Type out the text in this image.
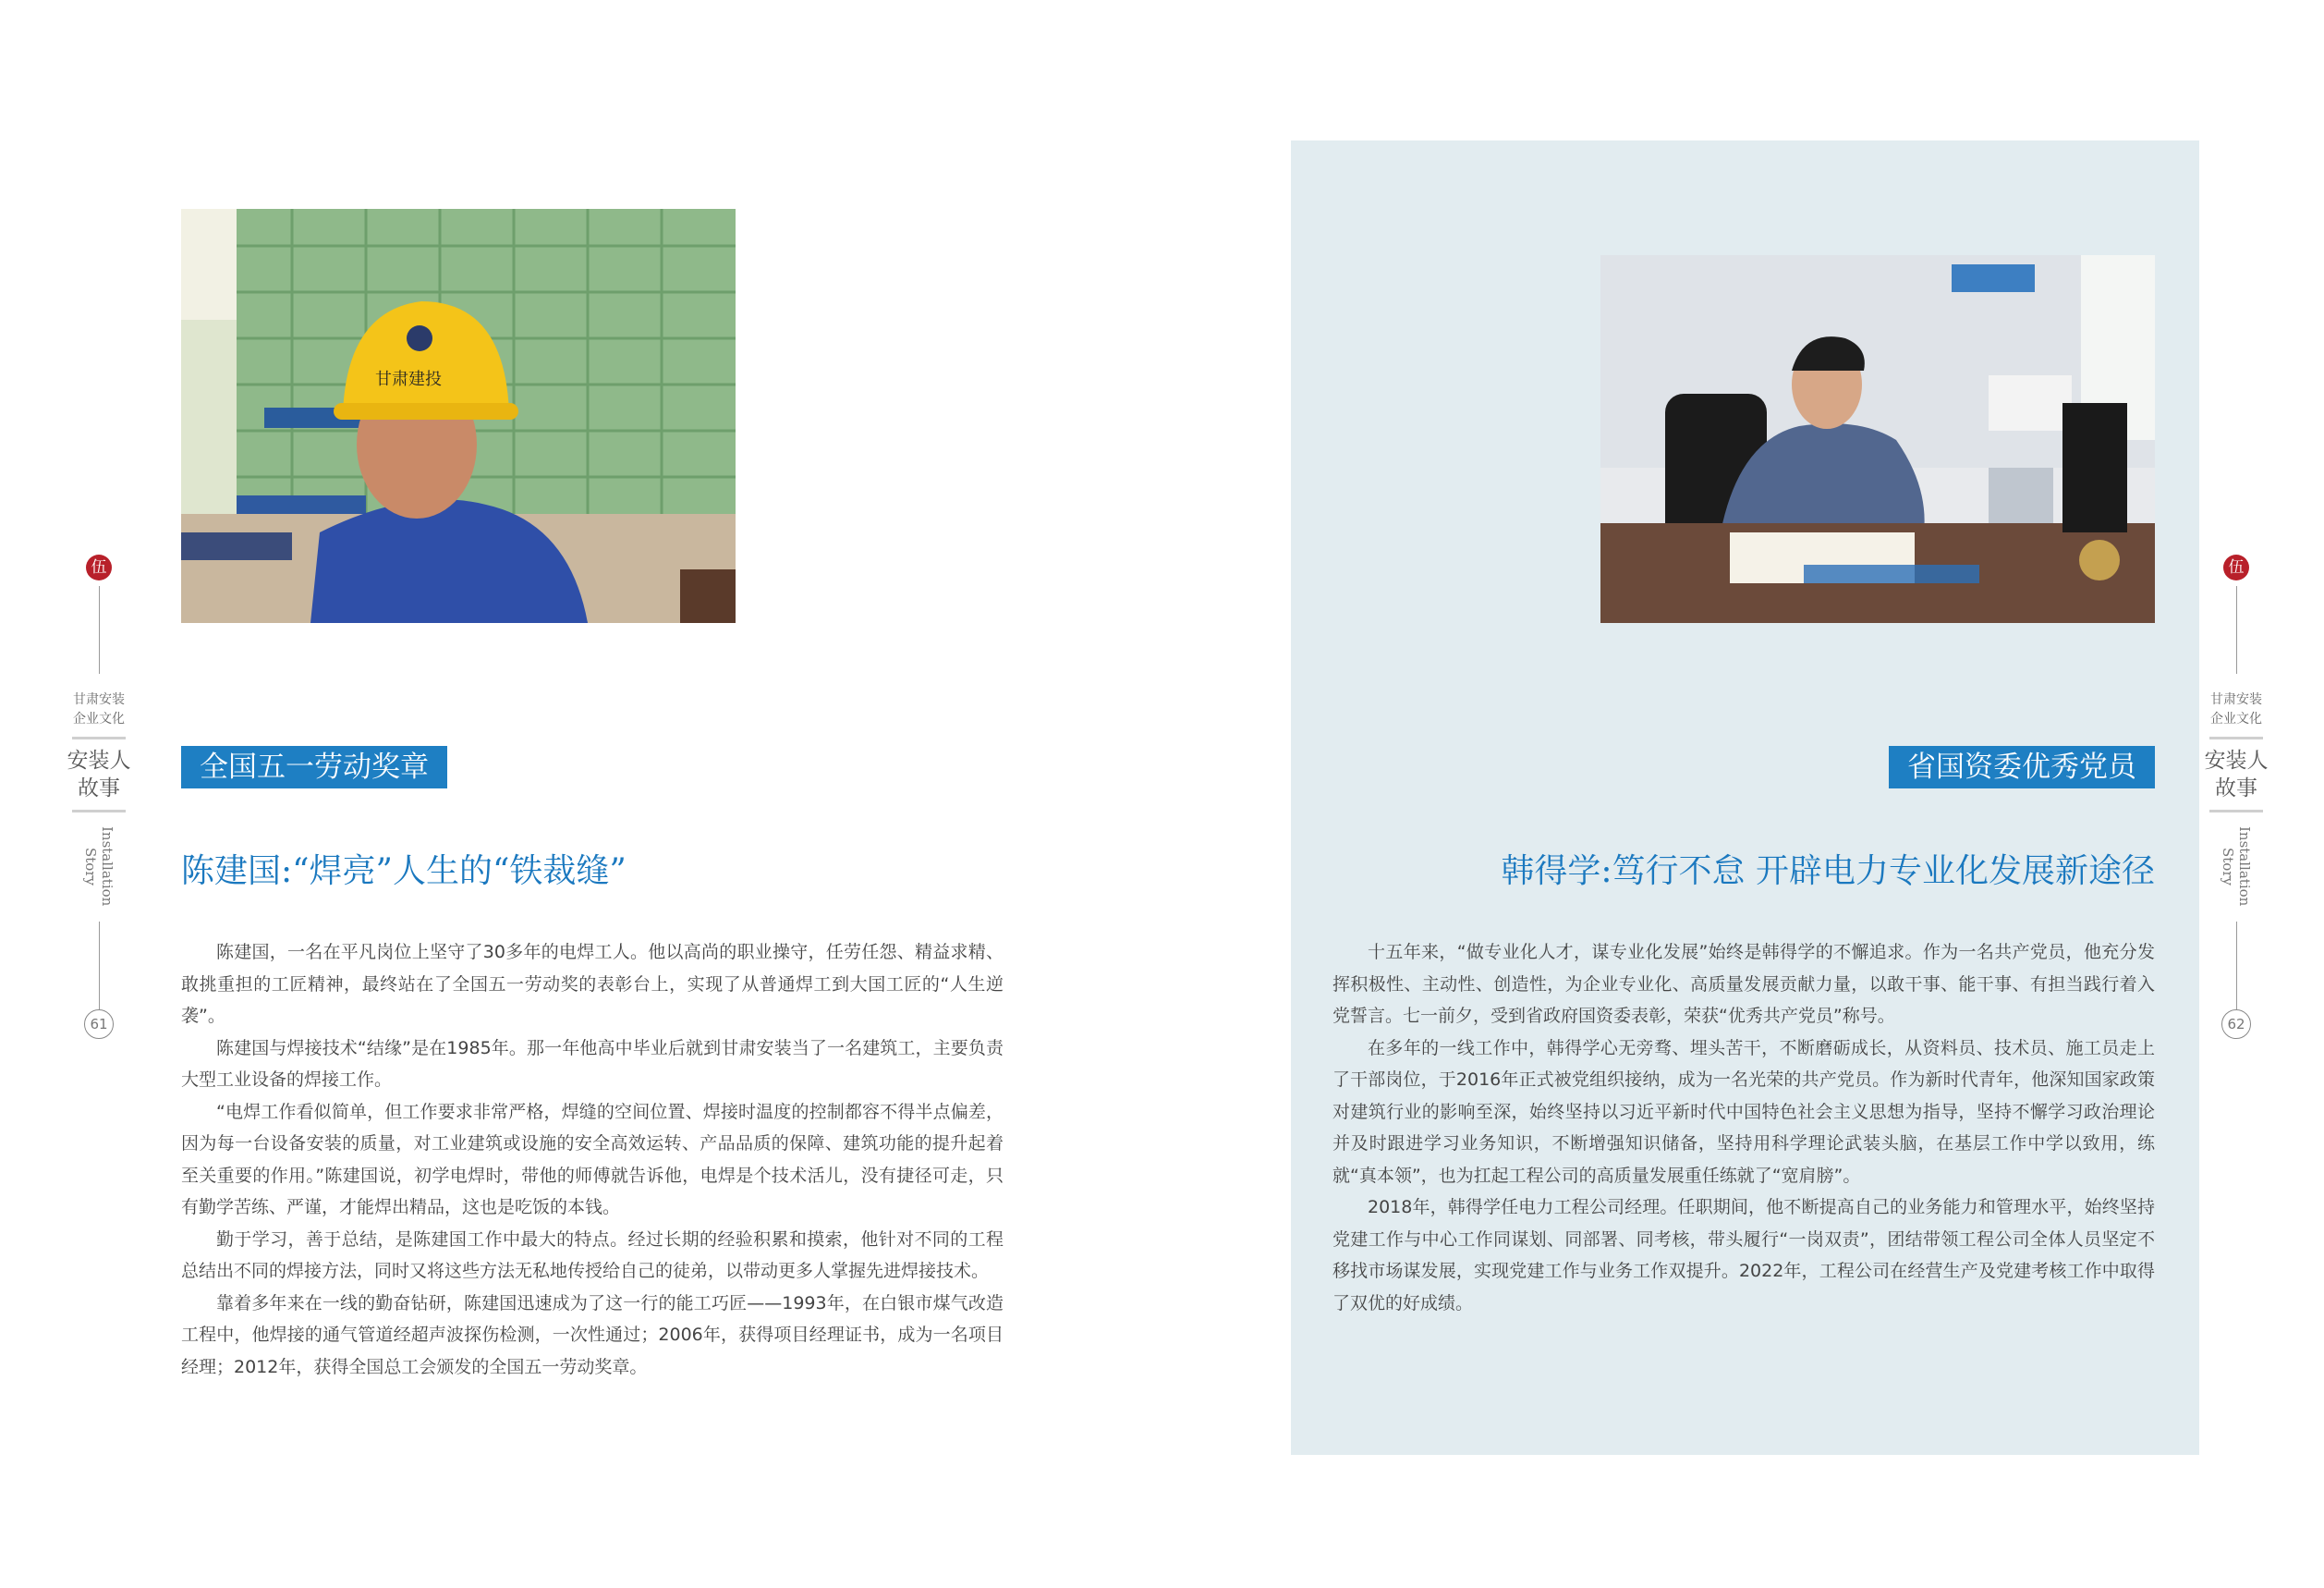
甘肃建投
全国五一劳动奖章
陈建国:“焊亮”人生的“铁裁缝”

陈建国，一名在平凡岗位上坚守了30多年的电焊工人。他以高尚的职业操守，任劳任怨、精益求精、敢挑重担的工匠精神，最终站在了全国五一劳动奖的表彰台上，实现了从普通焊工到大国工匠的“人生逆袭”。

陈建国与焊接技术“结缘”是在1985年。那一年他高中毕业后就到甘肃安装当了一名建筑工，主要负责大型工业设备的焊接工作。

“电焊工作看似简单，但工作要求非常严格，焊缝的空间位置、焊接时温度的控制都容不得半点偏差，因为每一台设备安装的质量，对工业建筑或设施的安全高效运转、产品品质的保障、建筑功能的提升起着至关重要的作用。”陈建国说，初学电焊时，带他的师傅就告诉他，电焊是个技术活儿，没有捷径可走，只有勤学苦练、严谨，才能焊出精品，这也是吃饭的本钱。

勤于学习，善于总结，是陈建国工作中最大的特点。经过长期的经验积累和摸索，他针对不同的工程总结出不同的焊接方法，同时又将这些方法无私地传授给自己的徒弟，以带动更多人掌握先进焊接技术。

靠着多年来在一线的勤奋钻研，陈建国迅速成为了这一行的能工巧匠——1993年，在白银市煤气改造工程中，他焊接的通气管道经超声波探伤检测，一次性通过；2006年，获得项目经理证书，成为一名项目经理；2012年，获得全国总工会颁发的全国五一劳动奖章。

省国资委优秀党员
韩得学:笃行不怠 开辟电力专业化发展新途径

十五年来，“做专业化人才，谋专业化发展”始终是韩得学的不懈追求。作为一名共产党员，他充分发挥积极性、主动性、创造性，为企业专业化、高质量发展贡献力量，以敢干事、能干事、有担当践行着入党誓言。七一前夕，受到省政府国资委表彰，荣获“优秀共产党员”称号。

在多年的一线工作中，韩得学心无旁骛、埋头苦干，不断磨砺成长，从资料员、技术员、施工员走上了干部岗位，于2016年正式被党组织接纳，成为一名光荣的共产党员。作为新时代青年，他深知国家政策对建筑行业的影响至深，始终坚持以习近平新时代中国特色社会主义思想为指导，坚持不懈学习政治理论并及时跟进学习业务知识，不断增强知识储备，坚持用科学理论武装头脑，在基层工作中学以致用，练就“真本领”，也为扛起工程公司的高质量发展重任练就了“宽肩膀”。

2018年，韩得学任电力工程公司经理。任职期间，他不断提高自己的业务能力和管理水平，始终坚持党建工作与中心工作同谋划、同部署、同考核，带头履行“一岗双责”，团结带领工程公司全体人员坚定不移找市场谋发展，实现党建工作与业务工作双提升。2022年，工程公司在经营生产及党建考核工作中取得了双优的好成绩。

伍
甘肃安装
企业文化
安装人
故事
Installation Story
61
伍
甘肃安装
企业文化
安装人
故事
Installation Story
62
